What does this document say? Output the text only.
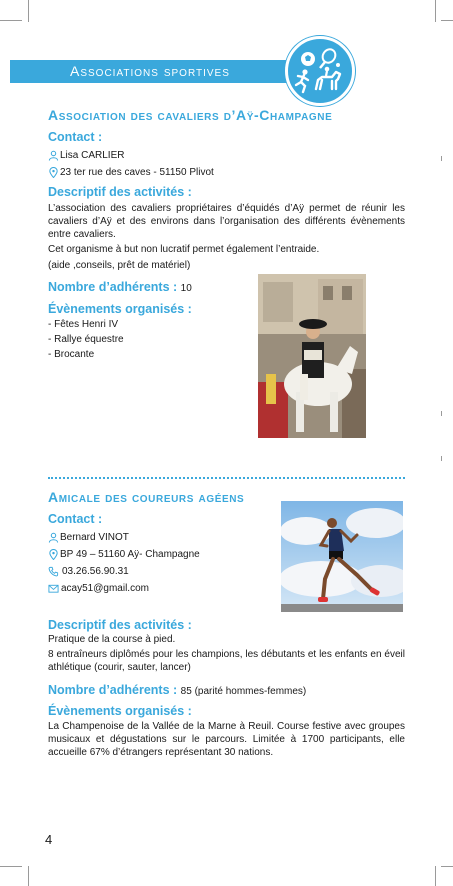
Associations sportives
Association des cavaliers d’Aÿ-Champagne
Contact :
Lisa CARLIER
23 ter rue des caves - 51150 Plivot
Descriptif des activités :
L’association des cavaliers propriétaires d’équidés d’Aÿ permet de réunir les cavaliers d’Aÿ et des environs dans l’organisation des différents évènements entre cavaliers.
Cet organisme à but non lucratif permet également l’entraide.
(aide ,conseils, prêt de matériel)
Nombre d’adhérents : 10
Évènements organisés :
- Fêtes Henri IV
- Rallye équestre
- Brocante
Amicale des coureurs agéens
Contact :
Bernard VINOT
BP 49 – 51160 Aÿ- Champagne
03.26.56.90.31
acay51@gmail.com
Descriptif des activités :
Pratique de la course à pied.
8 entraîneurs diplômés pour les champions, les débutants et les enfants en éveil athlétique (courir, sauter, lancer)
Nombre d’adhérents : 85 (parité hommes-femmes)
Évènements organisés :
La Champenoise de la Vallée de la Marne à Reuil. Course festive avec groupes musicaux et dégustations sur le parcours. Limitée à 1700 participants, elle accueille 67% d’étrangers représentant 30 nations.
4
